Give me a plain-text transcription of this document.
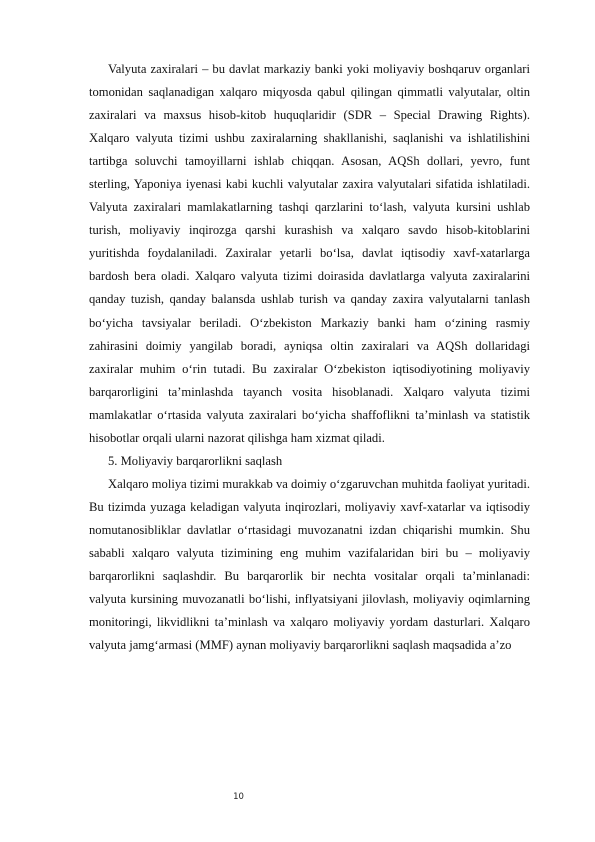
Valyuta zaxiralari – bu davlat markaziy banki yoki moliyaviy boshqaruv organlari tomonidan saqlanadigan xalqaro miqyosda qabul qilingan qimmatli valyutalar, oltin zaxiralari va maxsus hisob-kitob huquqlaridir (SDR – Special Drawing Rights). Xalqaro valyuta tizimi ushbu zaxiralarning shakllanishi, saqlanishi va ishlatilishini tartibga soluvchi tamoyillarni ishlab chiqqan. Asosan, AQSh dollari, yevro, funt sterling, Yaponiya iyenasi kabi kuchli valyutalar zaxira valyutalari sifatida ishlatiladi. Valyuta zaxiralari mamlakatlarning tashqi qarzlarini to‘lash, valyuta kursini ushlab turish, moliyaviy inqirozga qarshi kurashish va xalqaro savdo hisob-kitoblarini yuritishda foydalaniladi. Zaxiralar yetarli bo‘lsa, davlat iqtisodiy xavf-xatarlarga bardosh bera oladi. Xalqaro valyuta tizimi doirasida davlatlarga valyuta zaxiralarini qanday tuzish, qanday balansda ushlab turish va qanday zaxira valyutalarni tanlash bo‘yicha tavsiyalar beriladi. O‘zbekiston Markaziy banki ham o‘zining rasmiy zahirasini doimiy yangilab boradi, ayniqsa oltin zaxiralari va AQSh dollaridagi zaxiralar muhim o‘rin tutadi. Bu zaxiralar O‘zbekiston iqtisodiyotining moliyaviy barqarorligini ta’minlashda tayanch vosita hisoblanadi. Xalqaro valyuta tizimi mamlakatlar o‘rtasida valyuta zaxiralari bo‘yicha shaffoflikni ta’minlash va statistik hisobotlar orqali ularni nazorat qilishga ham xizmat qiladi.

5. Moliyaviy barqarorlikni saqlash

Xalqaro moliya tizimi murakkab va doimiy o‘zgaruvchan muhitda faoliyat yuritadi. Bu tizimda yuzaga keladigan valyuta inqirozlari, moliyaviy xavf-xatarlar va iqtisodiy nomutanosibliklar davlatlar o‘rtasidagi muvozanatni izdan chiqarishi mumkin. Shu sababli xalqaro valyuta tizimining eng muhim vazifalaridan biri bu – moliyaviy barqarorlikni saqlashdir. Bu barqarorlik bir nechta vositalar orqali ta’minlanadi: valyuta kursining muvozanatli bo‘lishi, inflyatsiyani jilovlash, moliyaviy oqimlarning monitoringi, likvidlikni ta’minlash va xalqaro moliyaviy yordam dasturlari. Xalqaro valyuta jamg‘armasi (MMF) aynan moliyaviy barqarorlikni saqlash maqsadida a’zo

10
